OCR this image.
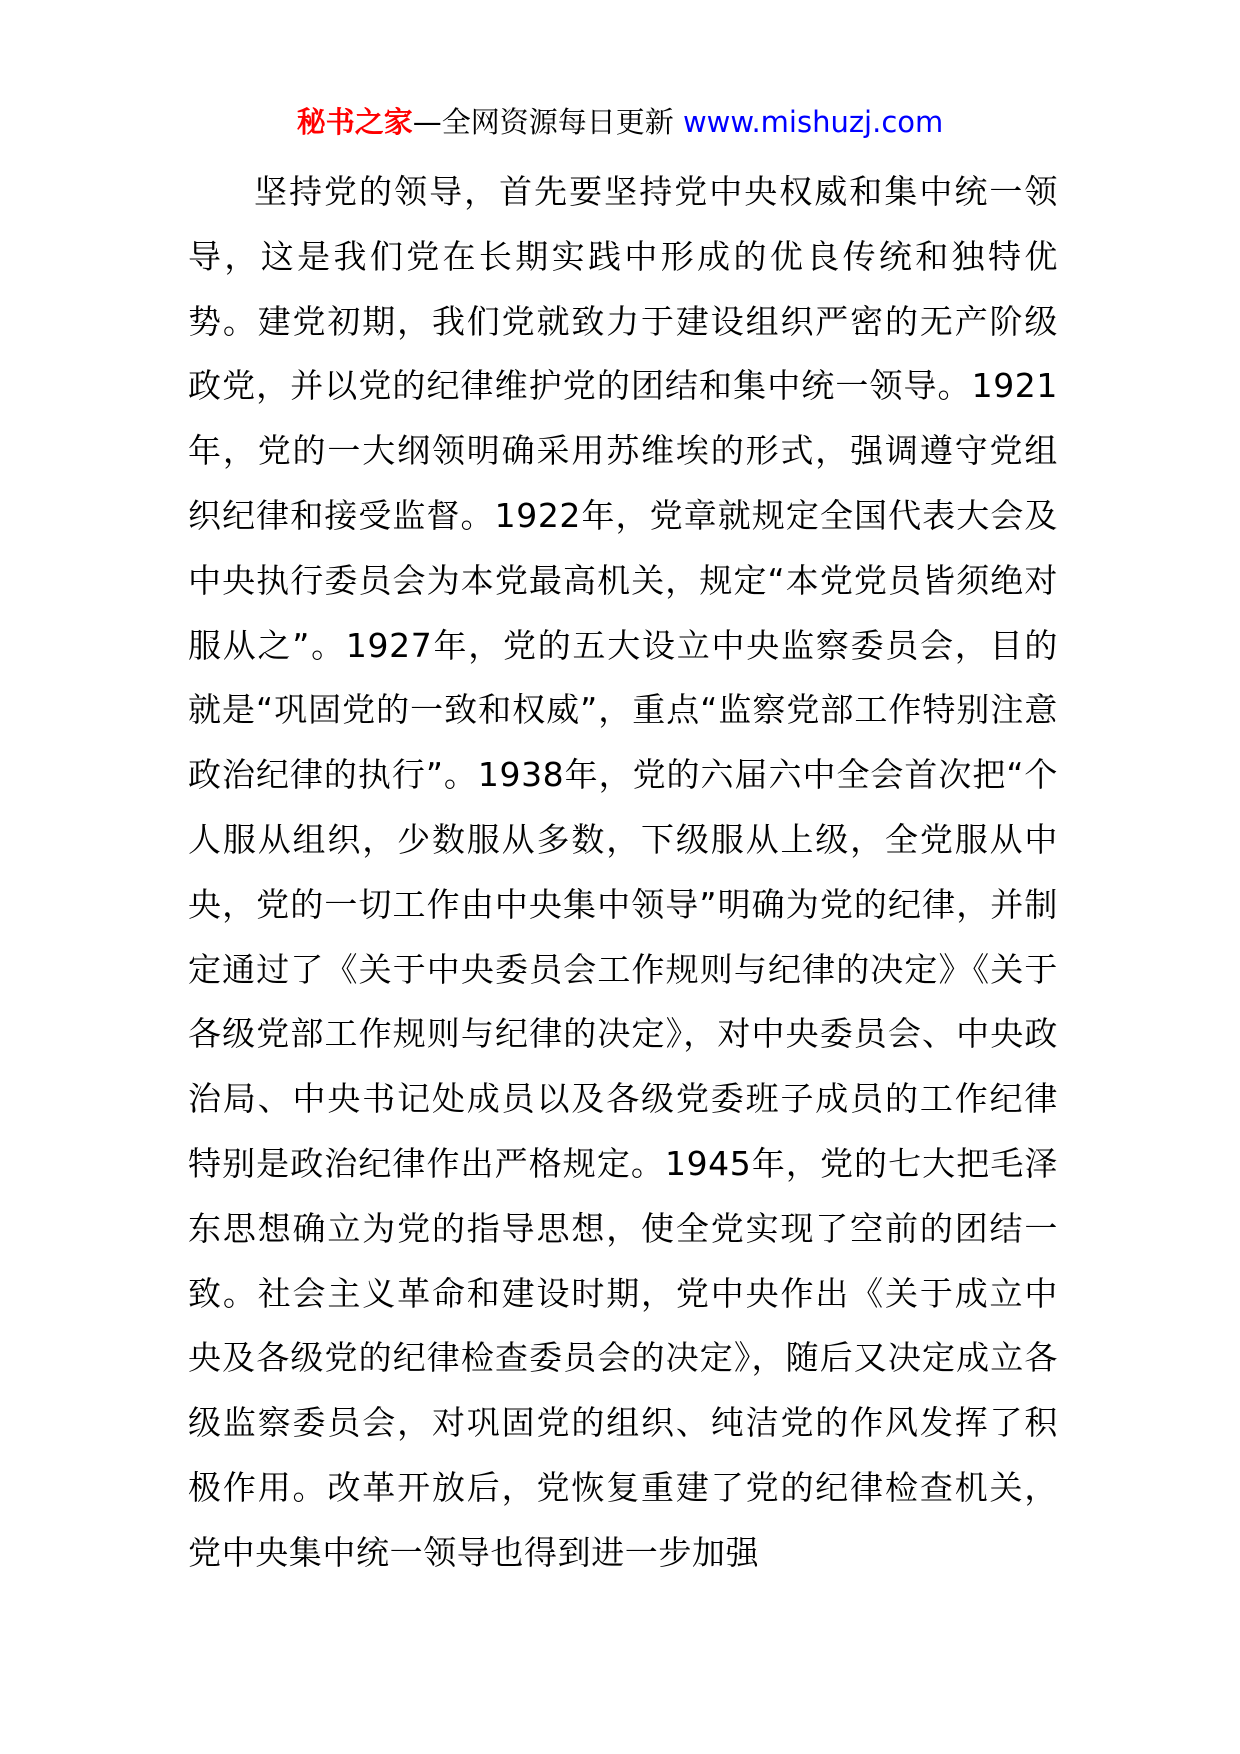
秘书之家—全网资源每日更新 www.mishuzj.com

坚持党的领导，首先要坚持党中央权威和集中统一领导，这是我们党在长期实践中形成的优良传统和独特优势。建党初期，我们党就致力于建设组织严密的无产阶级政党，并以党的纪律维护党的团结和集中统一领导。1921年，党的一大纲领明确采用苏维埃的形式，强调遵守党组织纪律和接受监督。1922年，党章就规定全国代表大会及中央执行委员会为本党最高机关，规定“本党党员皆须绝对服从之”。1927年，党的五大设立中央监察委员会，目的就是“巩固党的一致和权威”，重点“监察党部工作特别注意政治纪律的执行”。1938年，党的六届六中全会首次把“个人服从组织，少数服从多数，下级服从上级，全党服从中央，党的一切工作由中央集中领导”明确为党的纪律，并制定通过了《关于中央委员会工作规则与纪律的决定》《关于各级党部工作规则与纪律的决定》，对中央委员会、中央政治局、中央书记处成员以及各级党委班子成员的工作纪律特别是政治纪律作出严格规定。1945年，党的七大把毛泽东思想确立为党的指导思想，使全党实现了空前的团结一致。社会主义革命和建设时期，党中央作出《关于成立中央及各级党的纪律检查委员会的决定》，随后又决定成立各级监察委员会，对巩固党的组织、纯洁党的作风发挥了积极作用。改革开放后，党恢复重建了党的纪律检查机关，党中央集中统一领导也得到进一步加强
